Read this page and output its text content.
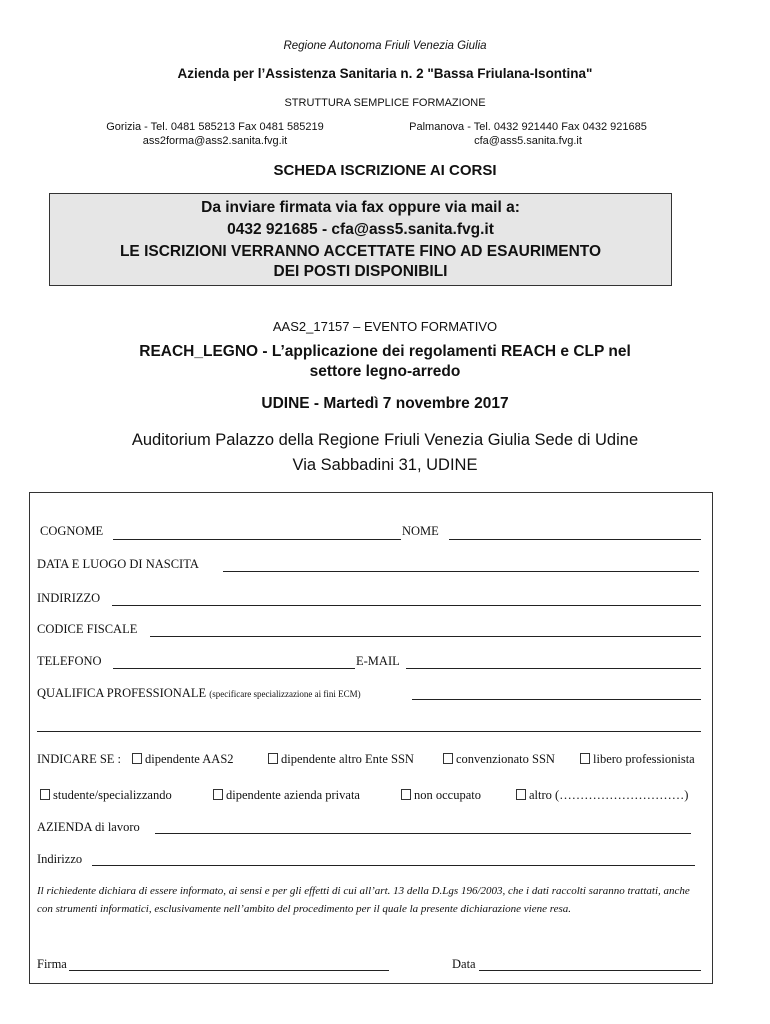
Regione Autonoma Friuli Venezia Giulia
Azienda per l’Assistenza Sanitaria n. 2 "Bassa Friulana-Isontina"
STRUTTURA SEMPLICE FORMAZIONE
Gorizia - Tel. 0481 585213 Fax 0481 585219
ass2forma@ass2.sanita.fvg.it
Palmanova - Tel. 0432 921440 Fax 0432 921685
cfa@ass5.sanita.fvg.it
SCHEDA ISCRIZIONE AI CORSI
Da inviare firmata via fax oppure via mail a:
0432 921685 - cfa@ass5.sanita.fvg.it
LE ISCRIZIONI VERRANNO ACCETTATE FINO AD ESAURIMENTO
DEI POSTI DISPONIBILI
AAS2_17157 – EVENTO FORMATIVO
REACH_LEGNO - L’applicazione dei regolamenti REACH e CLP nel
settore legno-arredo
UDINE - Martedì 7 novembre 2017
Auditorium Palazzo della Regione Friuli Venezia Giulia Sede di Udine
Via Sabbadini 31, UDINE
COGNOME	NOME
DATA E LUOGO DI NASCITA
INDIRIZZO
CODICE FISCALE
TELEFONO	E-MAIL
QUALIFICA PROFESSIONALE (specificare specializzazione ai fini ECM)
INDICARE SE :	dipendente AAS2	dipendente altro Ente SSN	convenzionato SSN	libero professionista
studente/specializzando	dipendente azienda privata	non occupato	altro (…………………………)
AZIENDA di lavoro
Indirizzo
Il richiedente dichiara di essere informato, ai sensi e per gli effetti di cui all’art. 13 della D.Lgs 196/2003, che i dati raccolti saranno trattati, anche con strumenti informatici, esclusivamente nell’ambito del procedimento per il quale la presente dichiarazione viene resa.
Firma	Data
